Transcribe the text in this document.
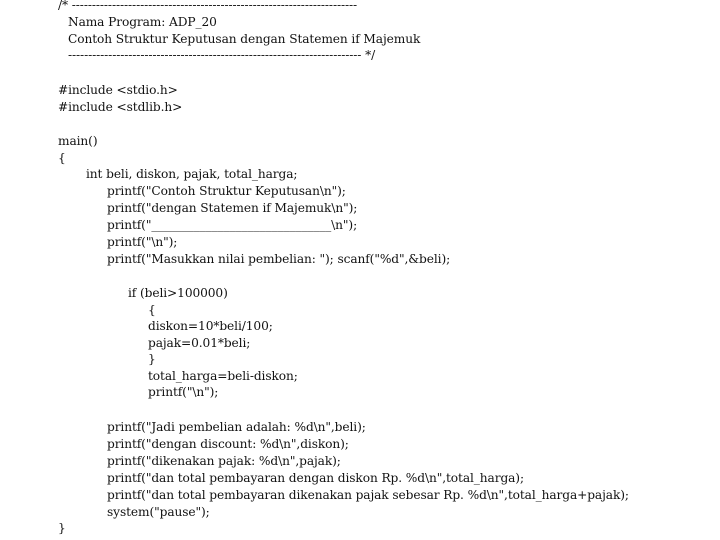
/* -----------------------------------------------------------------------
Nama Program: ADP_20
Contoh Struktur Keputusan dengan Statemen if Majemuk
------------------------------------------------------------------------- */
#include <stdio.h>
#include <stdlib.h>
main()
{
int beli, diskon, pajak, total_harga;
printf("Contoh Struktur Keputusan\n");
printf("dengan Statemen if Majemuk\n");
printf("______________________________\n");
printf("\n");
printf("Masukkan nilai pembelian: "); scanf("%d",&beli);
if (beli>100000)
{
diskon=10*beli/100;
pajak=0.01*beli;
}
total_harga=beli-diskon;
printf("\n");
printf("Jadi pembelian adalah: %d\n",beli);
printf("dengan discount: %d\n",diskon);
printf("dikenakan pajak: %d\n",pajak);
printf("dan total pembayaran dengan diskon Rp. %d\n",total_harga);
printf("dan total pembayaran dikenakan pajak sebesar Rp. %d\n",total_harga+pajak);
system("pause");
}
